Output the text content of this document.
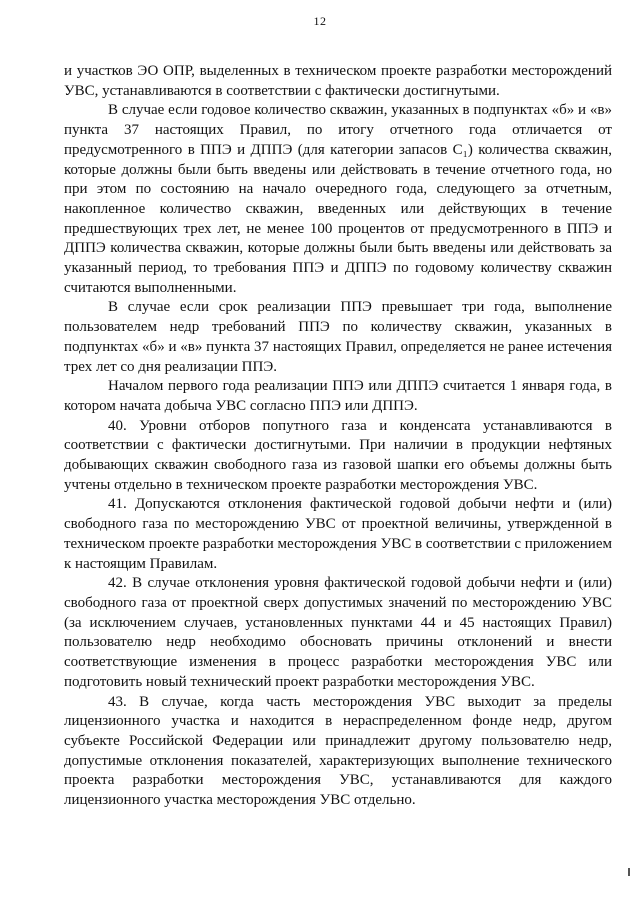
12

и участков ЭО ОПР, выделенных в техническом проекте разработки месторождений УВС, устанавливаются в соответствии с фактически достигнутыми.

В случае если годовое количество скважин, указанных в подпунктах «б» и «в» пункта 37 настоящих Правил, по итогу отчетного года отличается от предусмотренного в ППЭ и ДППЭ (для категории запасов C₁) количества скважин, которые должны были быть введены или действовать в течение отчетного года, но при этом по состоянию на начало очередного года, следующего за отчетным, накопленное количество скважин, введенных или действующих в течение предшествующих трех лет, не менее 100 процентов от предусмотренного в ППЭ и ДППЭ количества скважин, которые должны были быть введены или действовать за указанный период, то требования ППЭ и ДППЭ по годовому количеству скважин считаются выполненными.

В случае если срок реализации ППЭ превышает три года, выполнение пользователем недр требований ППЭ по количеству скважин, указанных в подпунктах «б» и «в» пункта 37 настоящих Правил, определяется не ранее истечения трех лет со дня реализации ППЭ.

Началом первого года реализации ППЭ или ДППЭ считается 1 января года, в котором начата добыча УВС согласно ППЭ или ДППЭ.

40. Уровни отборов попутного газа и конденсата устанавливаются в соответствии с фактически достигнутыми. При наличии в продукции нефтяных добывающих скважин свободного газа из газовой шапки его объемы должны быть учтены отдельно в техническом проекте разработки месторождения УВС.

41. Допускаются отклонения фактической годовой добычи нефти и (или) свободного газа по месторождению УВС от проектной величины, утвержденной в техническом проекте разработки месторождения УВС в соответствии с приложением к настоящим Правилам.

42. В случае отклонения уровня фактической годовой добычи нефти и (или) свободного газа от проектной сверх допустимых значений по месторождению УВС (за исключением случаев, установленных пунктами 44 и 45 настоящих Правил) пользователю недр необходимо обосновать причины отклонений и внести соответствующие изменения в процесс разработки месторождения УВС или подготовить новый технический проект разработки месторождения УВС.

43. В случае, когда часть месторождения УВС выходит за пределы лицензионного участка и находится в нераспределенном фонде недр, другом субъекте Российской Федерации или принадлежит другому пользователю недр, допустимые отклонения показателей, характеризующих выполнение технического проекта разработки месторождения УВС, устанавливаются для каждого лицензионного участка месторождения УВС отдельно.
